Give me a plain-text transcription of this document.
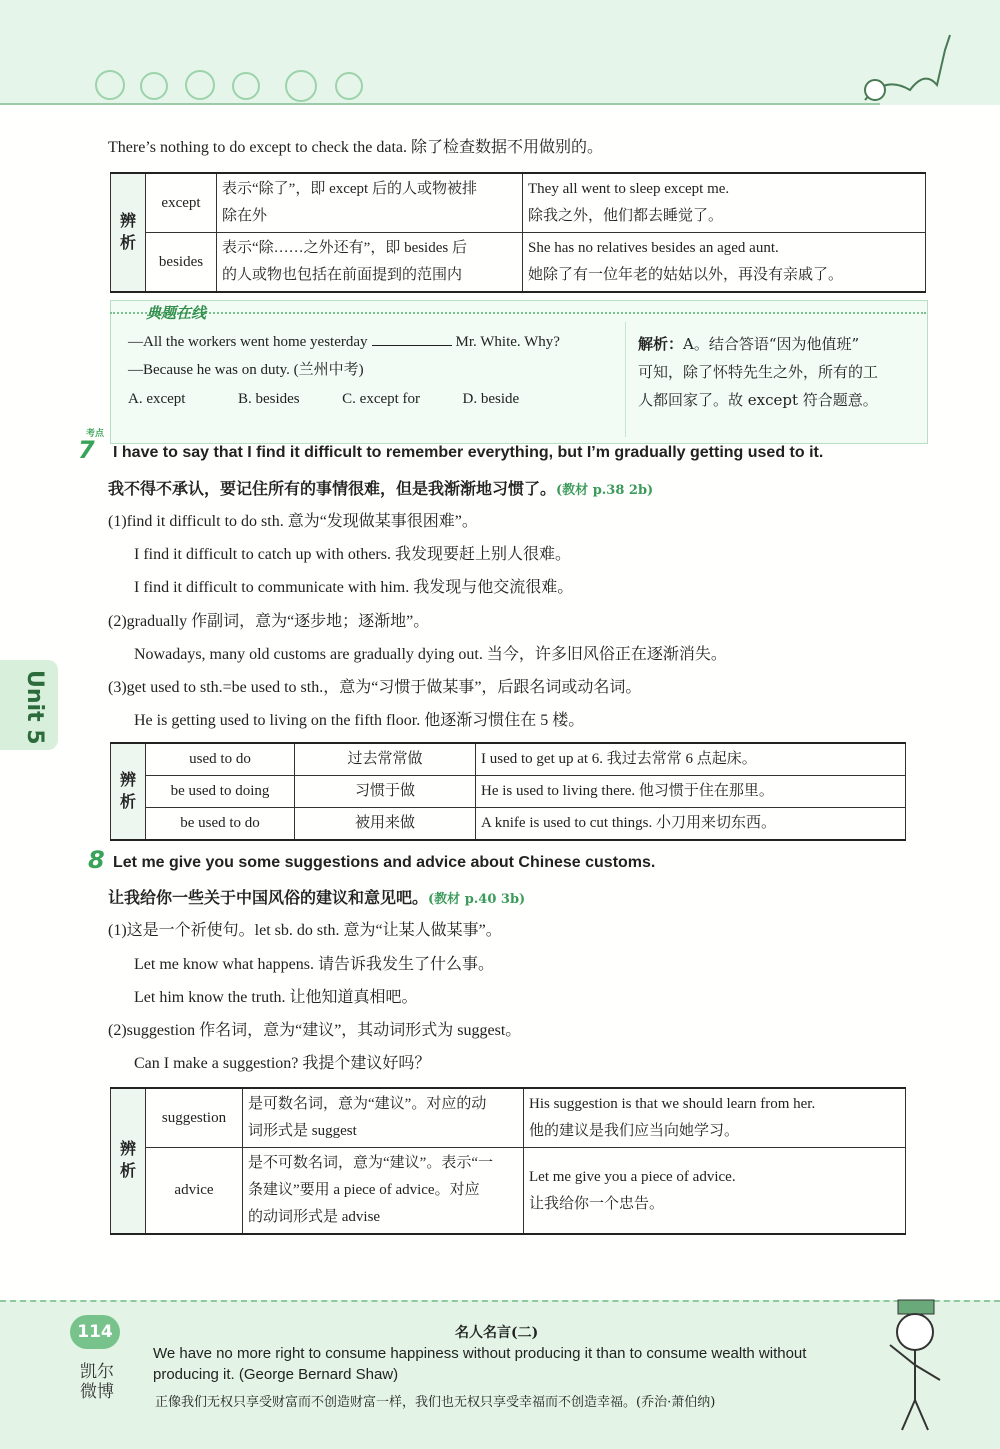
There’s nothing to do except to check the data. 除了检查数据不用做别的。
辨析	except	表示“除了”，即 except 后的人或物被排
除在外	They all went to sleep except me.
除我之外，他们都去睡觉了。
	besides	表示“除……之外还有”，即 besides 后
的人或物也包括在前面提到的范围内	She has no relatives besides an aged aunt.
她除了有一位年老的姑姑以外，再没有亲戚了。
典题在线
—All the workers went home yesterday	Mr. White. Why?
—Because he was on duty. (兰州中考)
A. except	B. besides	C. except for	D. beside
解析：A。结合答语“因为他值班”
可知，除了怀特先生之外，所有的工
人都回家了。故 except 符合题意。
7
考点
I have to say that I find it difficult to remember everything, but I’m gradually getting used to it.
我不得不承认，要记住所有的事情很难，但是我渐渐地习惯了。(教材 p.38 2b)
(1)find it difficult to do sth. 意为“发现做某事很困难”。
I find it difficult to catch up with others. 我发现要赶上别人很难。
I find it difficult to communicate with him. 我发现与他交流很难。
(2)gradually 作副词，意为“逐步地；逐渐地”。
Nowadays, many old customs are gradually dying out. 当今，许多旧风俗正在逐渐消失。
(3)get used to sth.=be used to sth.，意为“习惯于做某事”，后跟名词或动名词。
He is getting used to living on the fifth floor. 他逐渐习惯住在 5 楼。
Unit 5
辨析	used to do	过去常常做	I used to get up at 6. 我过去常常 6 点起床。
	be used to doing	习惯于做	He is used to living there. 他习惯于住在那里。
	be used to do	被用来做	A knife is used to cut things. 小刀用来切东西。
8 Let me give you some suggestions and advice about Chinese customs.
让我给你一些关于中国风俗的建议和意见吧。(教材 p.40 3b)
(1)这是一个祈使句。let sb. do sth. 意为“让某人做某事”。
Let me know what happens. 请告诉我发生了什么事。
Let him know the truth. 让他知道真相吧。
(2)suggestion 作名词，意为“建议”，其动词形式为 suggest。
Can I make a suggestion? 我提个建议好吗？
辨析	suggestion	是可数名词，意为“建议”。对应的动
词形式是 suggest	His suggestion is that we should learn from her.
他的建议是我们应当向她学习。
	advice	是不可数名词，意为“建议”。表示“一
条建议”要用 a piece of advice。对应
的动词形式是 advise	Let me give you a piece of advice.
让我给你一个忠告。
114
凯尔微博
名人名言(二)
We have no more right to consume happiness without producing it than to consume wealth without producing it. (George Bernard Shaw)
正像我们无权只享受财富而不创造财富一样，我们也无权只享受幸福而不创造幸福。(乔治·萧伯纳)
